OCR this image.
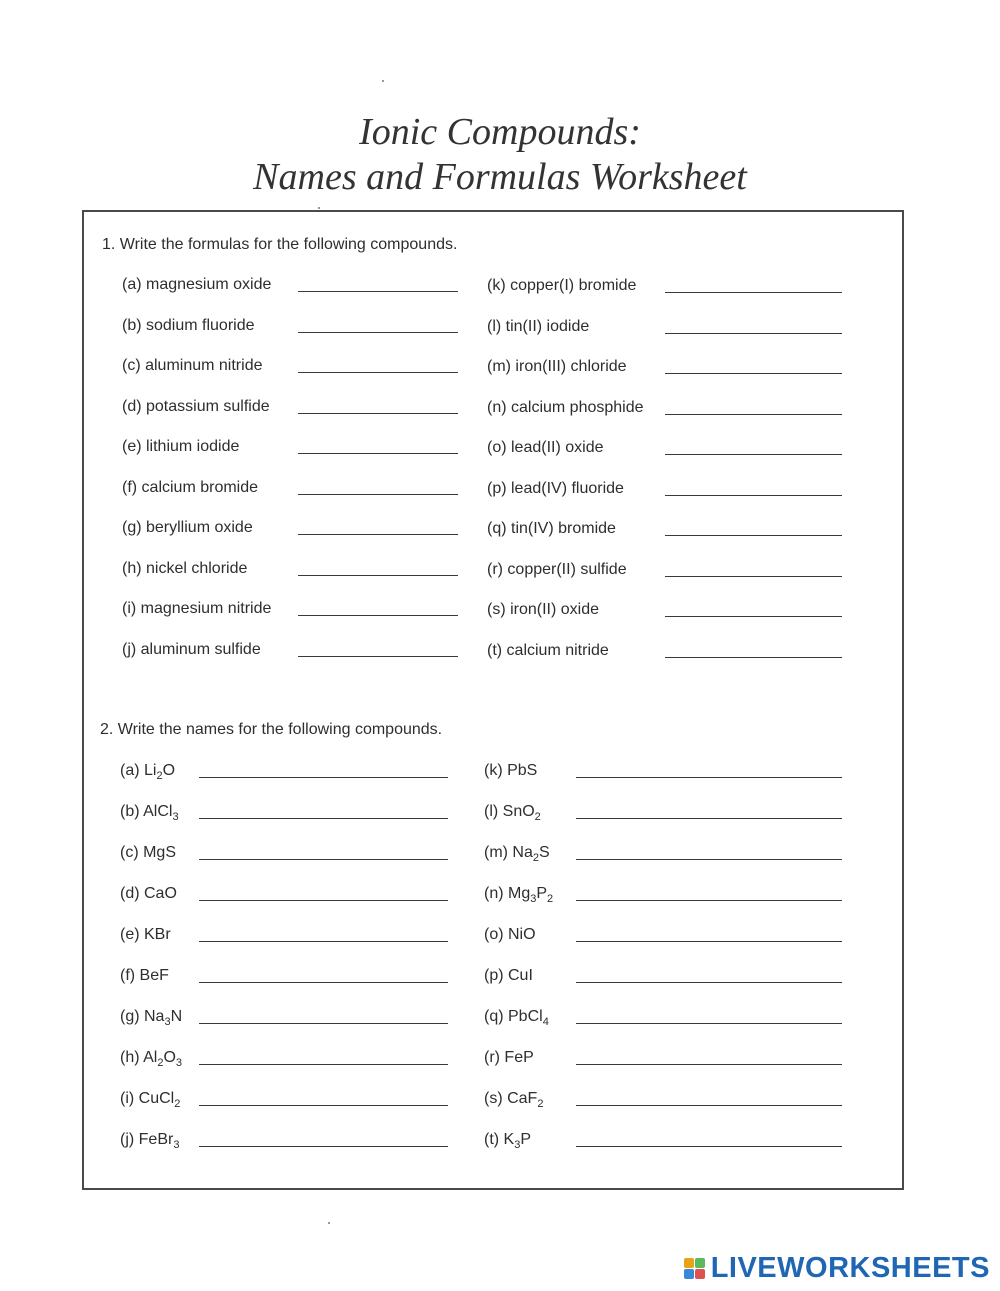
Ionic Compounds:
Names and Formulas Worksheet
1. Write the formulas for the following compounds.
(a) magnesium oxide
(b) sodium fluoride
(c) aluminum nitride
(d) potassium sulfide
(e) lithium iodide
(f) calcium bromide
(g) beryllium oxide
(h) nickel chloride
(i) magnesium nitride
(j) aluminum sulfide
(k) copper(I) bromide
(l) tin(II) iodide
(m) iron(III) chloride
(n) calcium phosphide
(o) lead(II) oxide
(p) lead(IV) fluoride
(q) tin(IV) bromide
(r) copper(II) sulfide
(s) iron(II) oxide
(t) calcium nitride
2. Write the names for the following compounds.
(a) $Li_2O$
(b) AlCl$_3$
(c) MgS
(d) CaO
(e) KBr
(f) BeF
(g) $Na_3N$
(h) $Al_2O_3$
(i) CuCl$_2$
(j) FeBr$_3$
(k) PbS
(l) SnO$_2$
(m) $Na_2S$
(n) $Mg_3P_2$
(o) NiO
(p) CuI
(q) PbCl$_4$
(r) FeP
(s) CaF$_2$
(t) $K_3P$
LIVEWORKSHEETS
